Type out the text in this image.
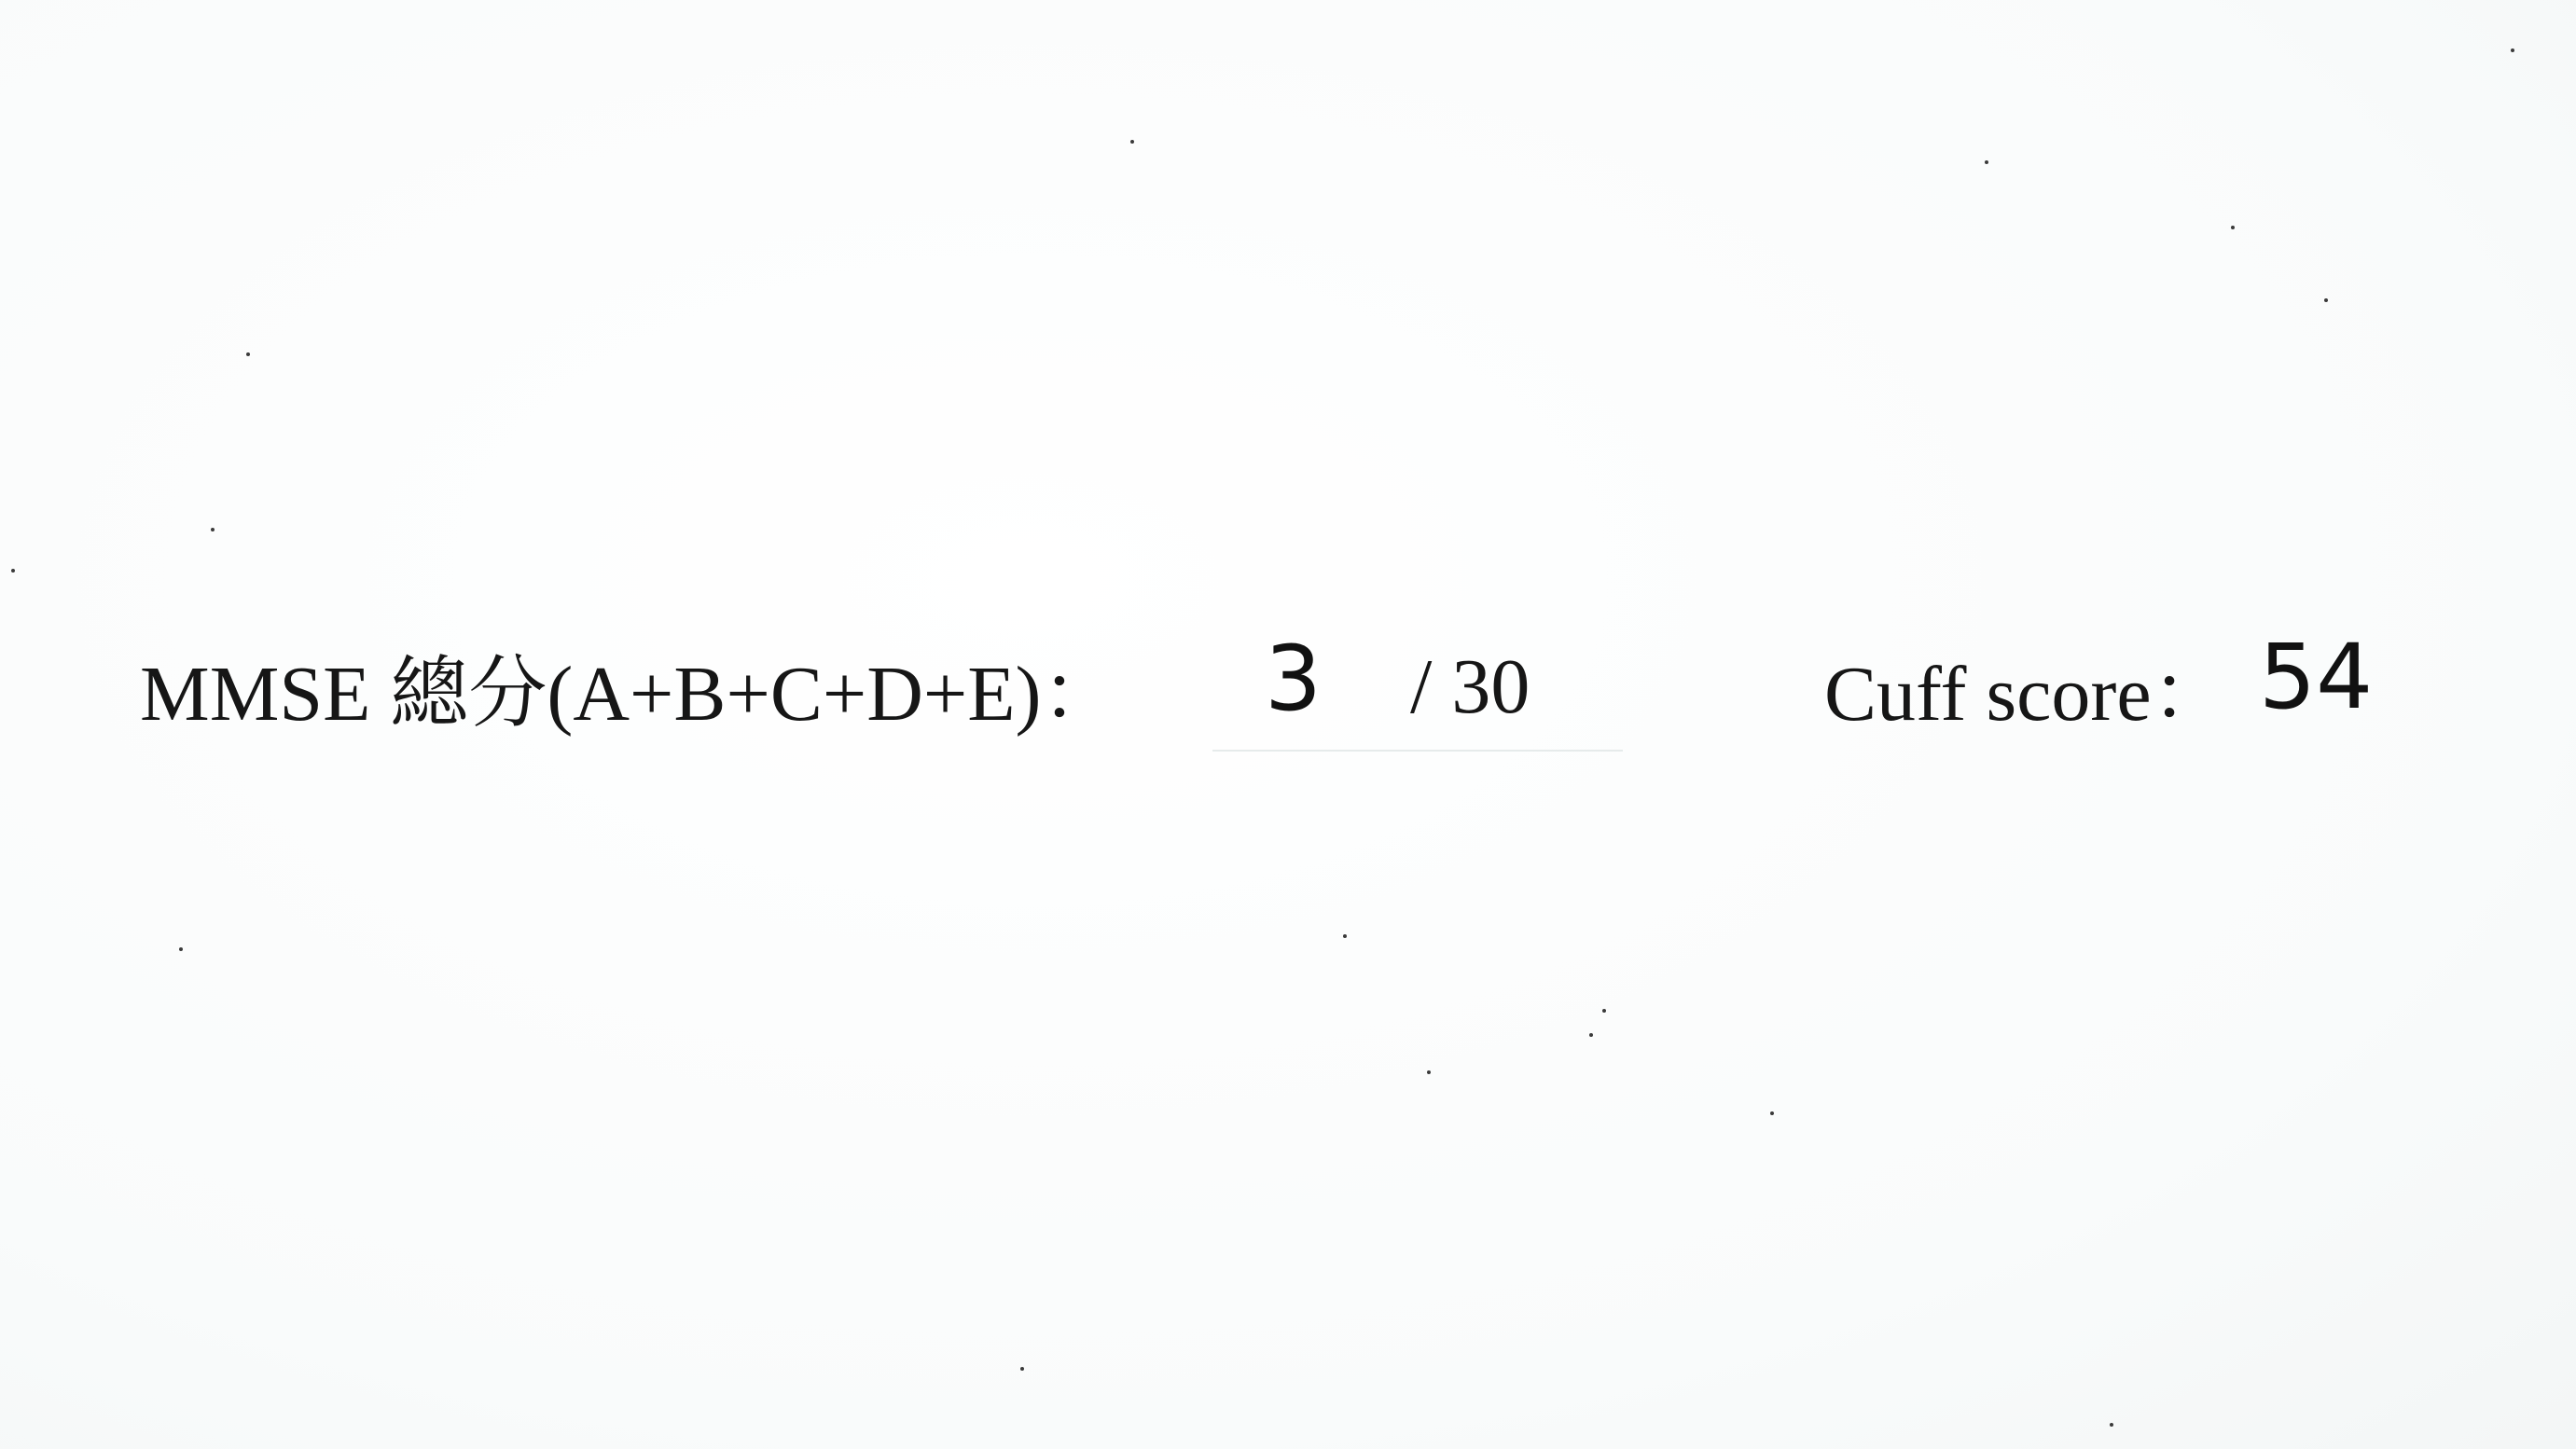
MMSE 總分(A+B+C+D+E)： 3 / 30	Cuff score： 54
